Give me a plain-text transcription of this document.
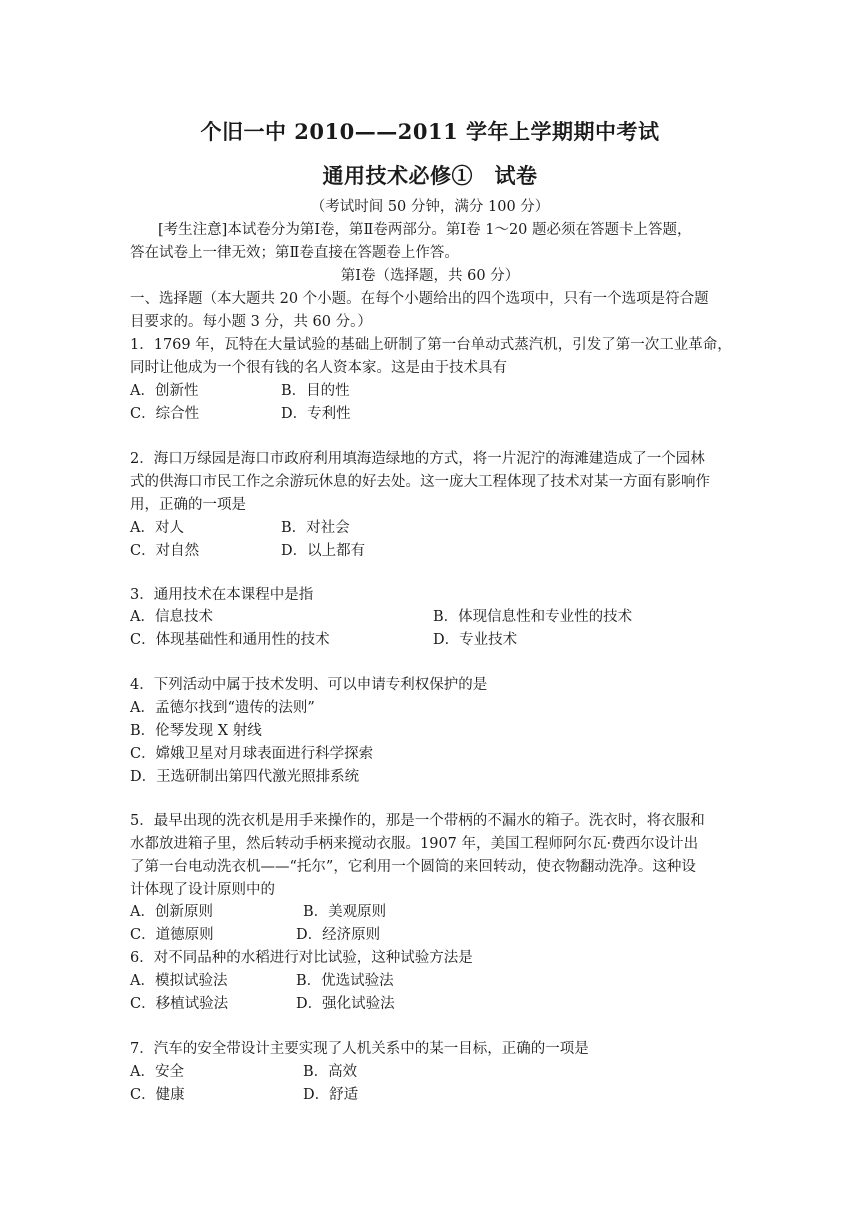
个旧一中 2010——2011 学年上学期期中考试
通用技术必修①　试卷
（考试时间 50 分钟，满分 100 分）
[考生注意]本试卷分为第Ⅰ卷，第Ⅱ卷两部分。第Ⅰ卷 1～20 题必须在答题卡上答题，
答在试卷上一律无效；第Ⅱ卷直接在答题卷上作答。
第Ⅰ卷（选择题，共 60 分）
一、选择题（本大题共 20 个小题。在每个小题给出的四个选项中，只有一个选项是符合题
目要求的。每小题 3 分，共 60 分。）
1．1769 年，瓦特在大量试验的基础上研制了第一台单动式蒸汽机，引发了第一次工业革命，
同时让他成为一个很有钱的名人资本家。这是由于技术具有
A．创新性	B．目的性
C．综合性	D．专利性
2．海口万绿园是海口市政府利用填海造绿地的方式，将一片泥泞的海滩建造成了一个园林
式的供海口市民工作之余游玩休息的好去处。这一庞大工程体现了技术对某一方面有影响作
用，正确的一项是
A．对人	B．对社会
C．对自然	D．以上都有
3．通用技术在本课程中是指
A．信息技术	B．体现信息性和专业性的技术
C．体现基础性和通用性的技术	D．专业技术
4．下列活动中属于技术发明、可以申请专利权保护的是
A．孟德尔找到“遗传的法则”
B．伦琴发现 X 射线
C．嫦娥卫星对月球表面进行科学探索
D．王选研制出第四代激光照排系统
5．最早出现的洗衣机是用手来操作的，那是一个带柄的不漏水的箱子。洗衣时，将衣服和
水都放进箱子里，然后转动手柄来搅动衣服。1907 年，美国工程师阿尔瓦·费西尔设计出
了第一台电动洗衣机——“托尔”，它利用一个圆筒的来回转动，使衣物翻动洗净。这种设
计体现了设计原则中的
A．创新原则	B．美观原则
C．道德原则	D．经济原则
6．对不同品种的水稻进行对比试验，这种试验方法是
A．模拟试验法	B．优选试验法
C．移植试验法	D．强化试验法
7．汽车的安全带设计主要实现了人机关系中的某一目标，正确的一项是
A．安全	B．高效
C．健康	D．舒适
